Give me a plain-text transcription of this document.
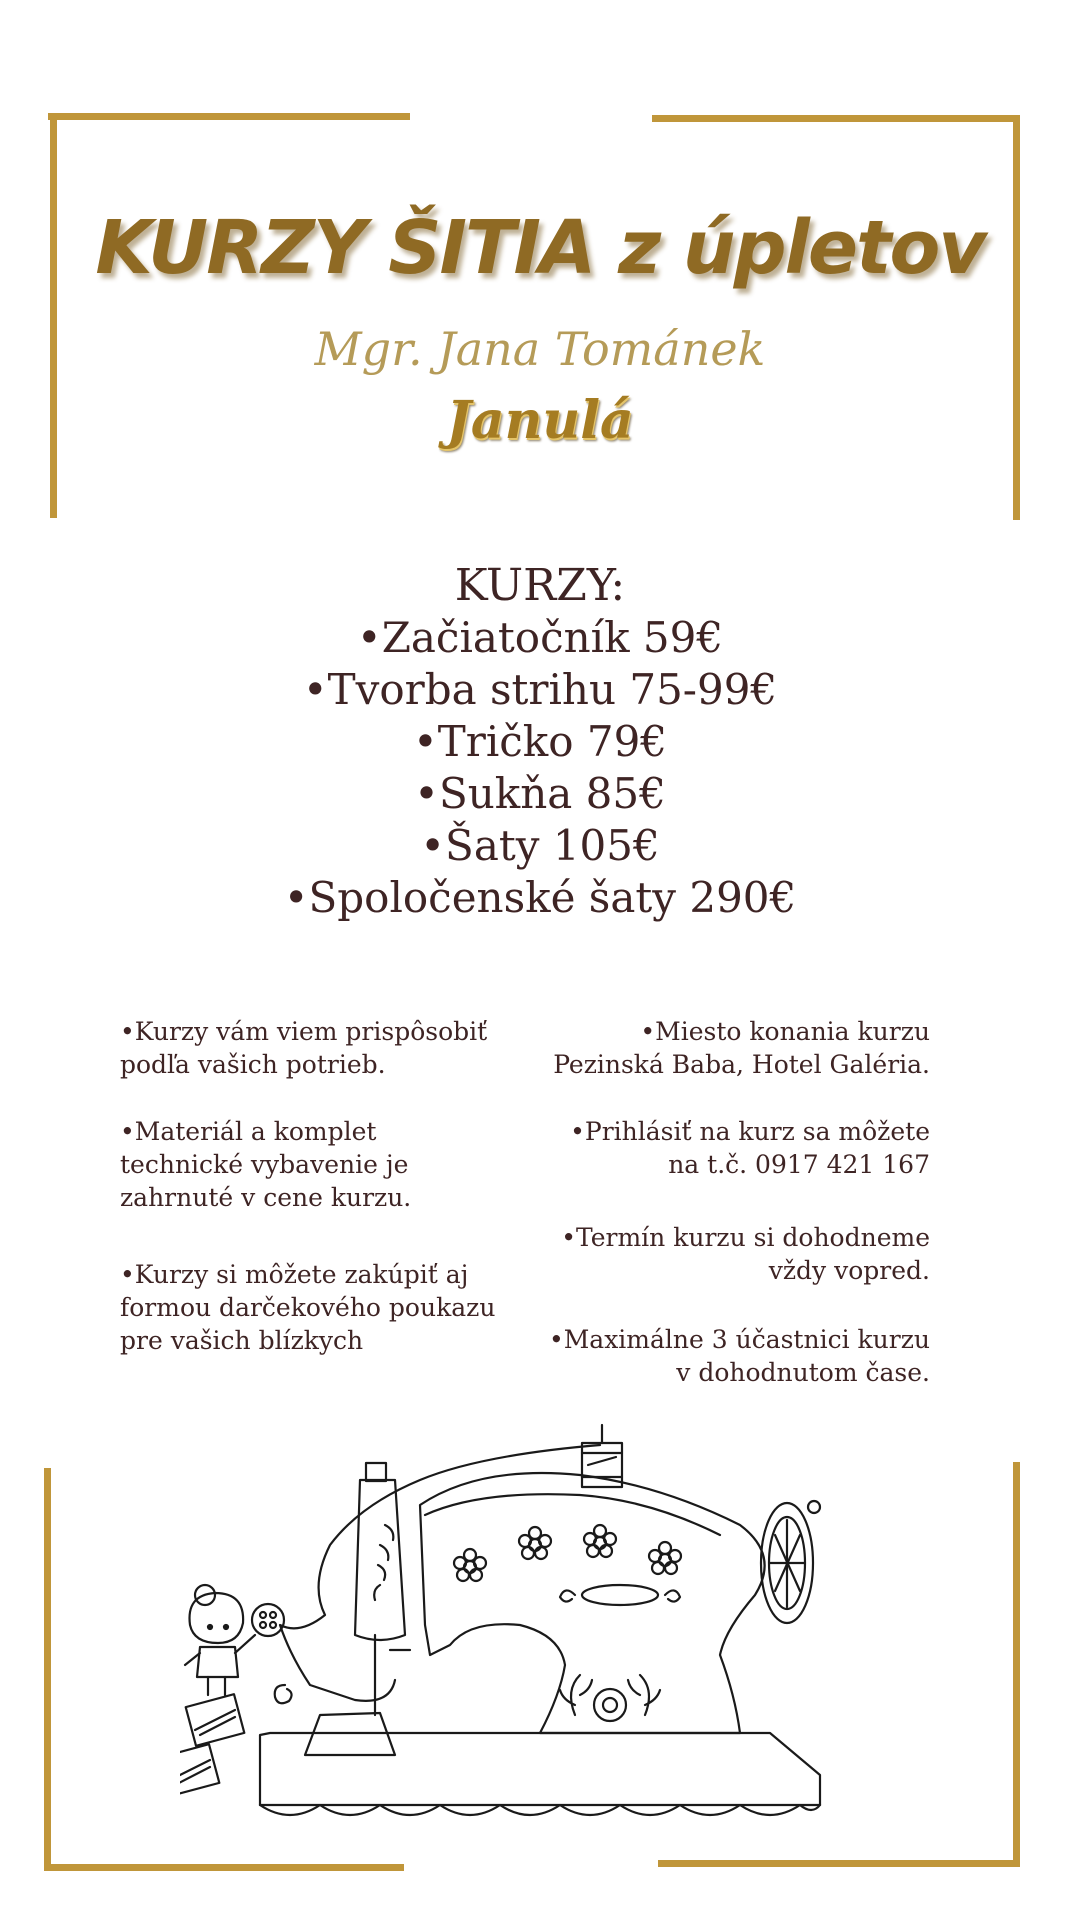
KURZY ŠITIA z úpletov
Mgr. Jana Tománek
Janulá
KURZY:
•Začiatočník 59€
•Tvorba strihu 75-99€
•Tričko 79€
•Sukňa 85€
•Šaty 105€
•Spoločenské šaty 290€

•Kurzy vám viem prispôsobiť podľa vašich potrieb.

•Materiál a komplet technické vybavenie je zahrnuté v cene kurzu.

•Kurzy si môžete zakúpiť aj formou darčekového poukazu pre vašich blízkych

•Miesto konania kurzu Pezinská Baba, Hotel Galéria.

•Prihlásiť na kurz sa môžete na t.č. 0917 421 167

•Termín kurzu si dohodneme vždy vopred.

•Maximálne 3 účastnici kurzu v dohodnutom čase.
